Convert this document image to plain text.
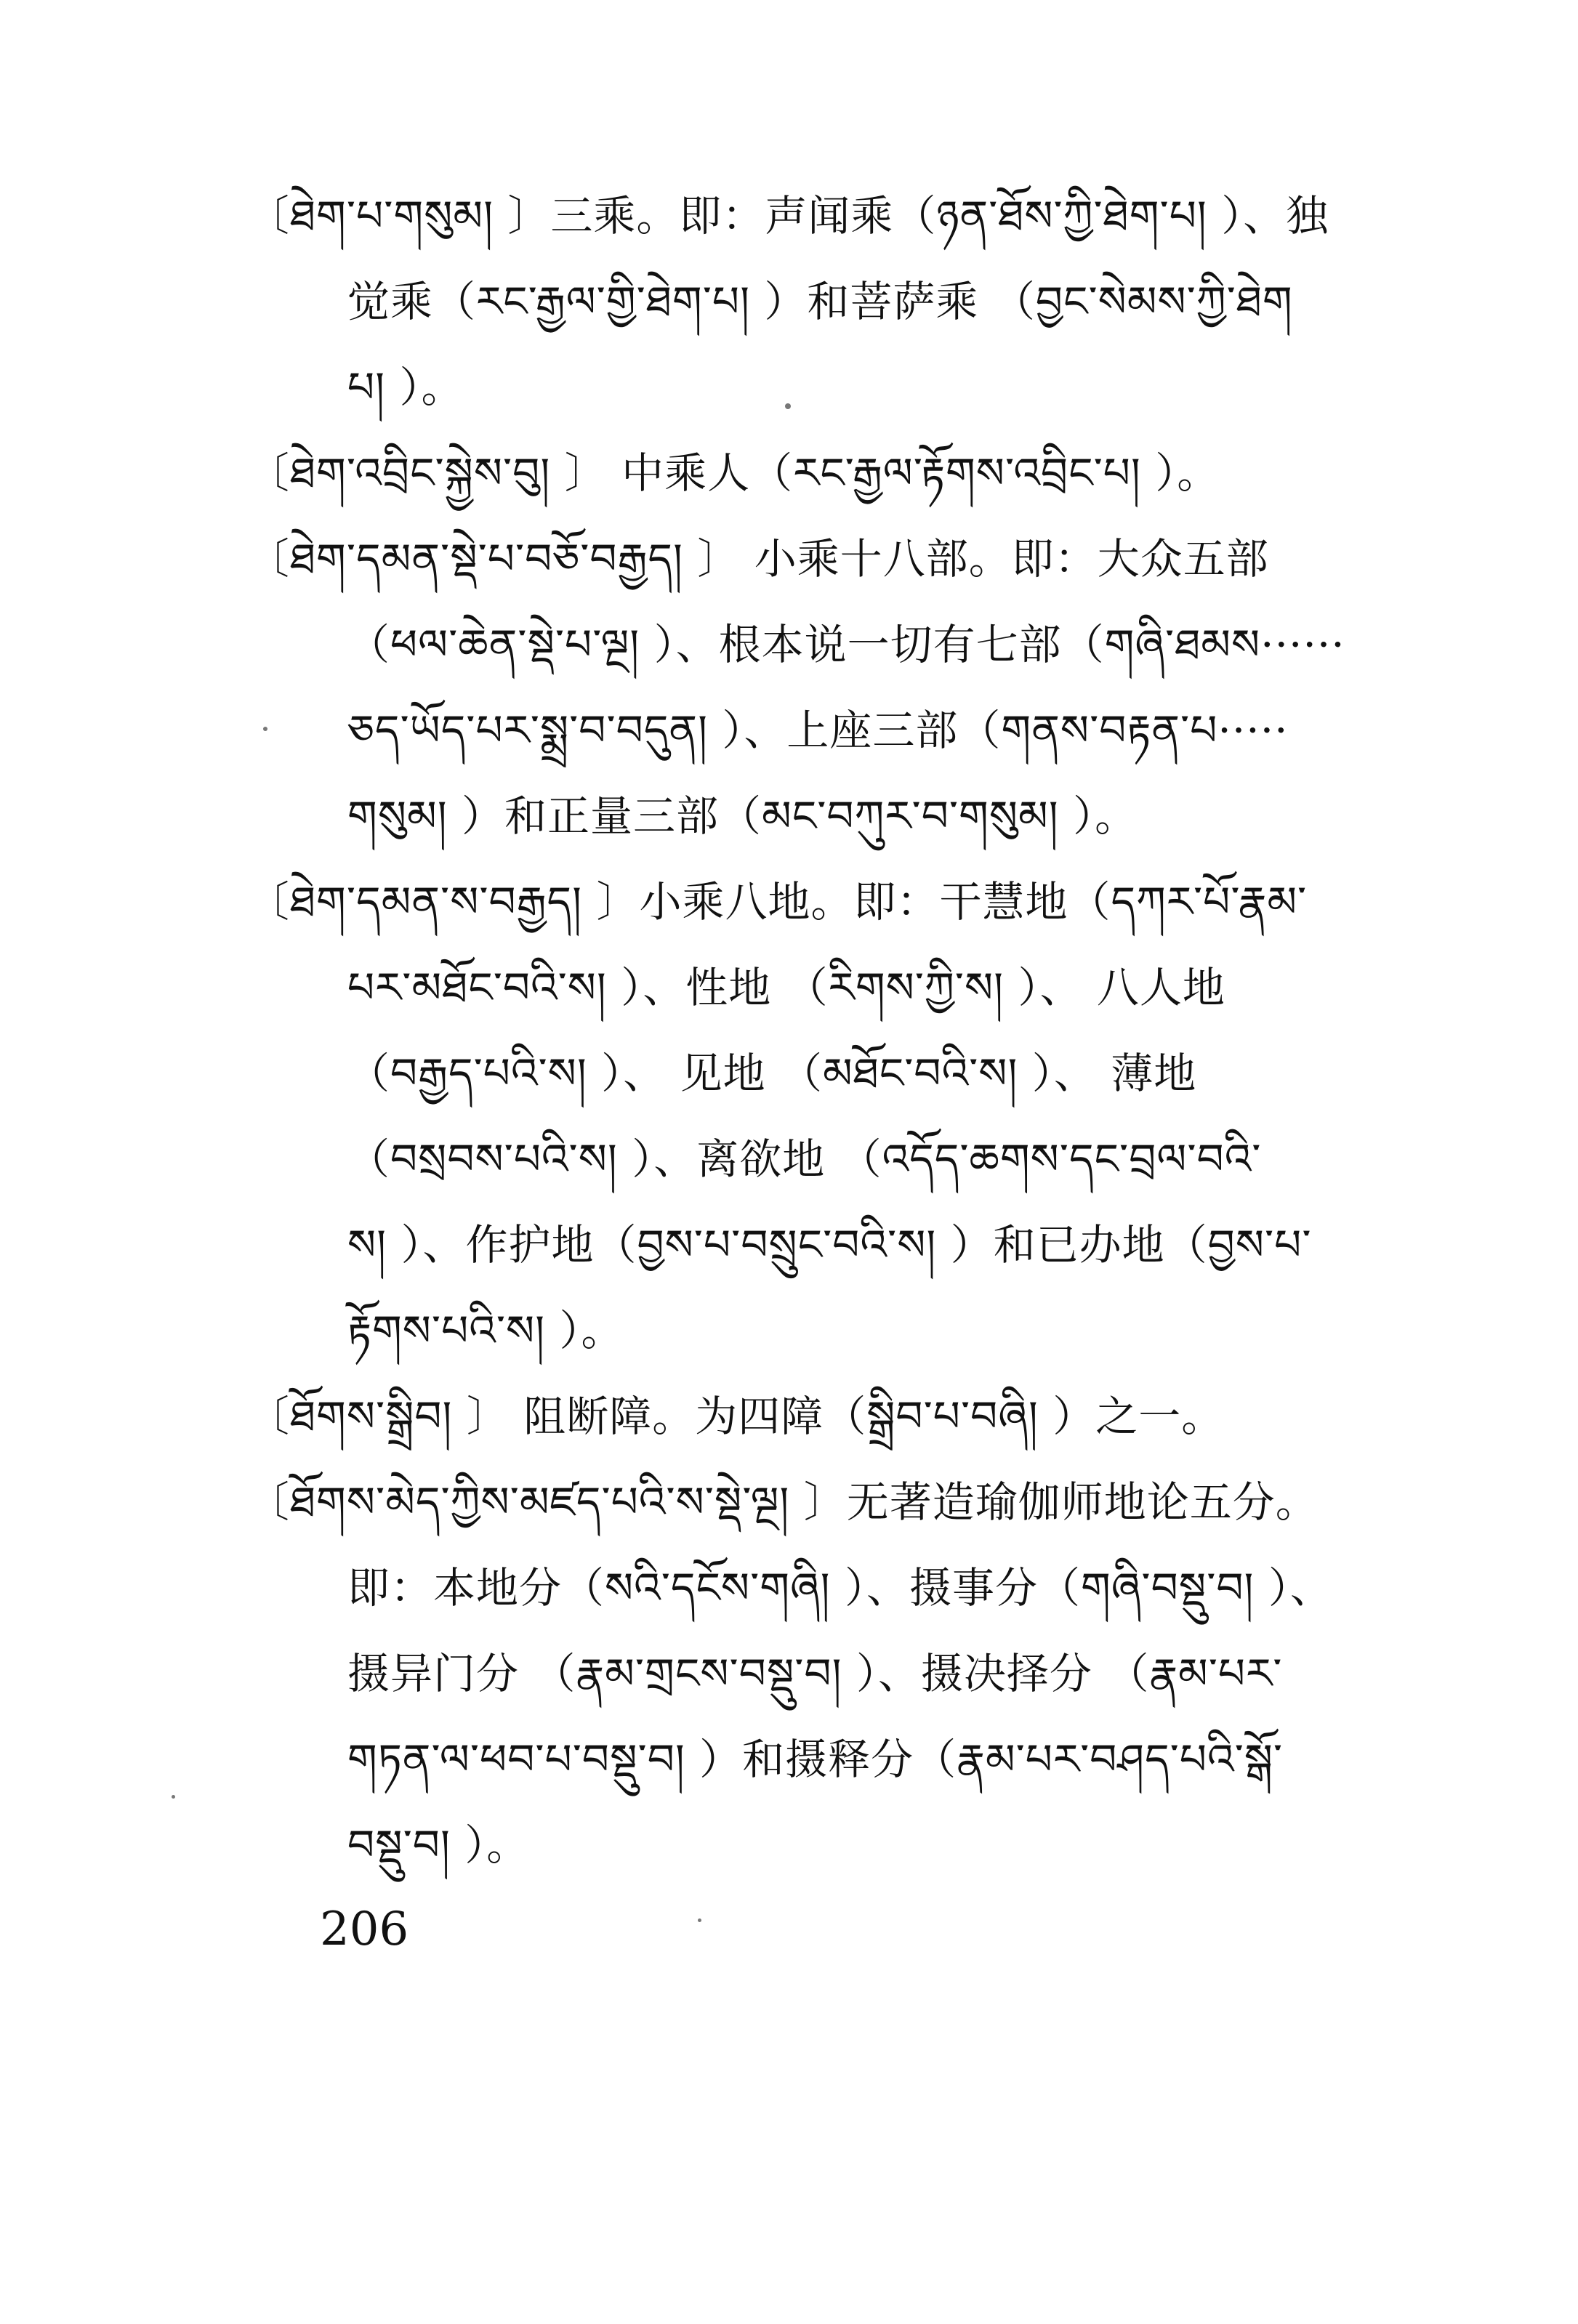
〔ཐེག་པ་གསུམ། 〕三乘。即：声闻乘（ཉན་ཐོས་ཀྱི་ཐེག་པ། ）、独
觉乘（རང་རྒྱལ་གྱི་ཐེག་པ། ）和菩萨乘 （བྱང་སེམས་ཀྱི་ཐེག
པ། ）。
〔ཐེག་འབྲིང་སྐྱེས་བུ། 〕 中乘人（རང་རྒྱལ་རྟོགས་འབྲིང་པ། ）。
〔ཐེག་དམན་སྡེ་པ་བཅོ་བརྒྱད། 〕 小乘十八部。即：大众五部
（ཕལ་ཆེན་སྡེ་པ་ལྔ། ）、根本说一切有七部（གཞི་ཐམས······
ཅད་ཡོད་པར་སྨྲ་བ་བདུན། ）、上座三部（གནས་བརྟན་པ·····
གསུམ། ）和正量三部（མང་བཀུར་བ་གསུམ། ）。
〔ཐེག་དམན་ས་བརྒྱད། 〕小乘八地。即：干慧地（དཀར་པོ་རྣམ་
པར་མཐོང་བའི་ས། ）、性地 （རིགས་ཀྱི་ས། ）、 八人地
（བརྒྱད་པའི་ས། ）、 见地 （མཐོང་བའི་ས། ）、 薄地
（བསྲབས་པའི་ས། ）、离欲地 （འདོད་ཆགས་དང་བྲལ་བའི་
ས། ）、作护地（བྱས་པ་བསྲུང་བའི་ས། ）和已办地（བྱས་པ་
རྟོགས་པའི་ས། ）。
〔ཐོགས་སྒྲིབ། 〕 阻断障。为四障（སྒྲིབ་པ་བཞི། ）之一。
〔ཐོགས་མེད་ཀྱིས་མཛད་པའི་ས་སྡེ་ལྔ། 〕无著造瑜伽师地论五分。
即：本地分（སའི་དངོས་གཞི། ）、摄事分（གཞི་བསྡུ་བ། ）、
摄异门分 （རྣམ་གྲངས་བསྡུ་བ། ）、摄决择分 （རྣམ་པར་
གཏན་ལ་ཕབ་པ་བསྡུ་བ། ）和摄释分（རྣམ་པར་བཤད་པའི་སྒོ་
བསྡུ་བ། ）。
206
